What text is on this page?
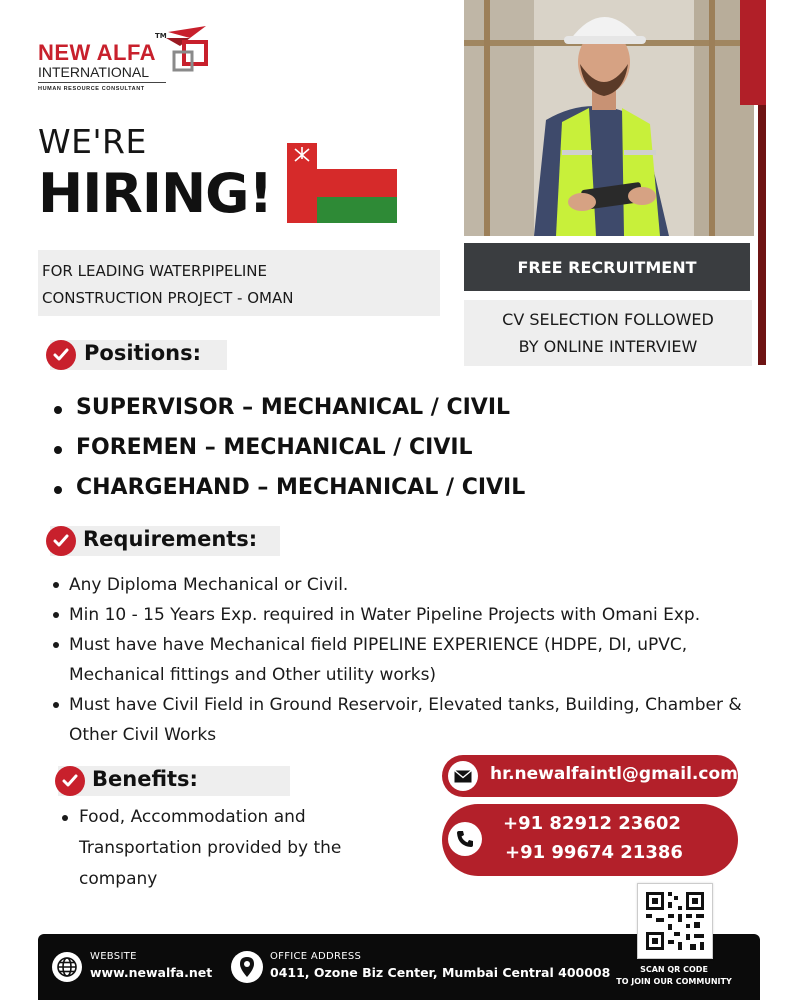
NEW ALFA
TM
INTERNATIONAL
HUMAN RESOURCE CONSULTANT
WE'RE
HIRING!
FOR LEADING WATERPIPELINE
CONSTRUCTION PROJECT - OMAN
FREE RECRUITMENT
CV SELECTION FOLLOWED
BY ONLINE INTERVIEW
Positions:
SUPERVISOR – MECHANICAL / CIVIL
FOREMEN – MECHANICAL / CIVIL
CHARGEHAND – MECHANICAL / CIVIL
Requirements:
Any Diploma Mechanical or Civil.
Min 10 - 15 Years Exp. required in Water Pipeline Projects with Omani Exp.
Must have have Mechanical field PIPELINE EXPERIENCE (HDPE, DI, uPVC, Mechanical fittings and Other utility works)
Must have Civil Field in Ground Reservoir, Elevated tanks, Building, Chamber & Other Civil Works
Benefits:
Food, Accommodation and Transportation provided by the company
hr.newalfaintl@gmail.com
+91 82912 23602
+91 99674 21386
WEBSITE
www.newalfa.net
OFFICE ADDRESS
0411, Ozone Biz Center, Mumbai Central 400008	SCAN QR CODE
TO JOIN OUR COMMUNITY
